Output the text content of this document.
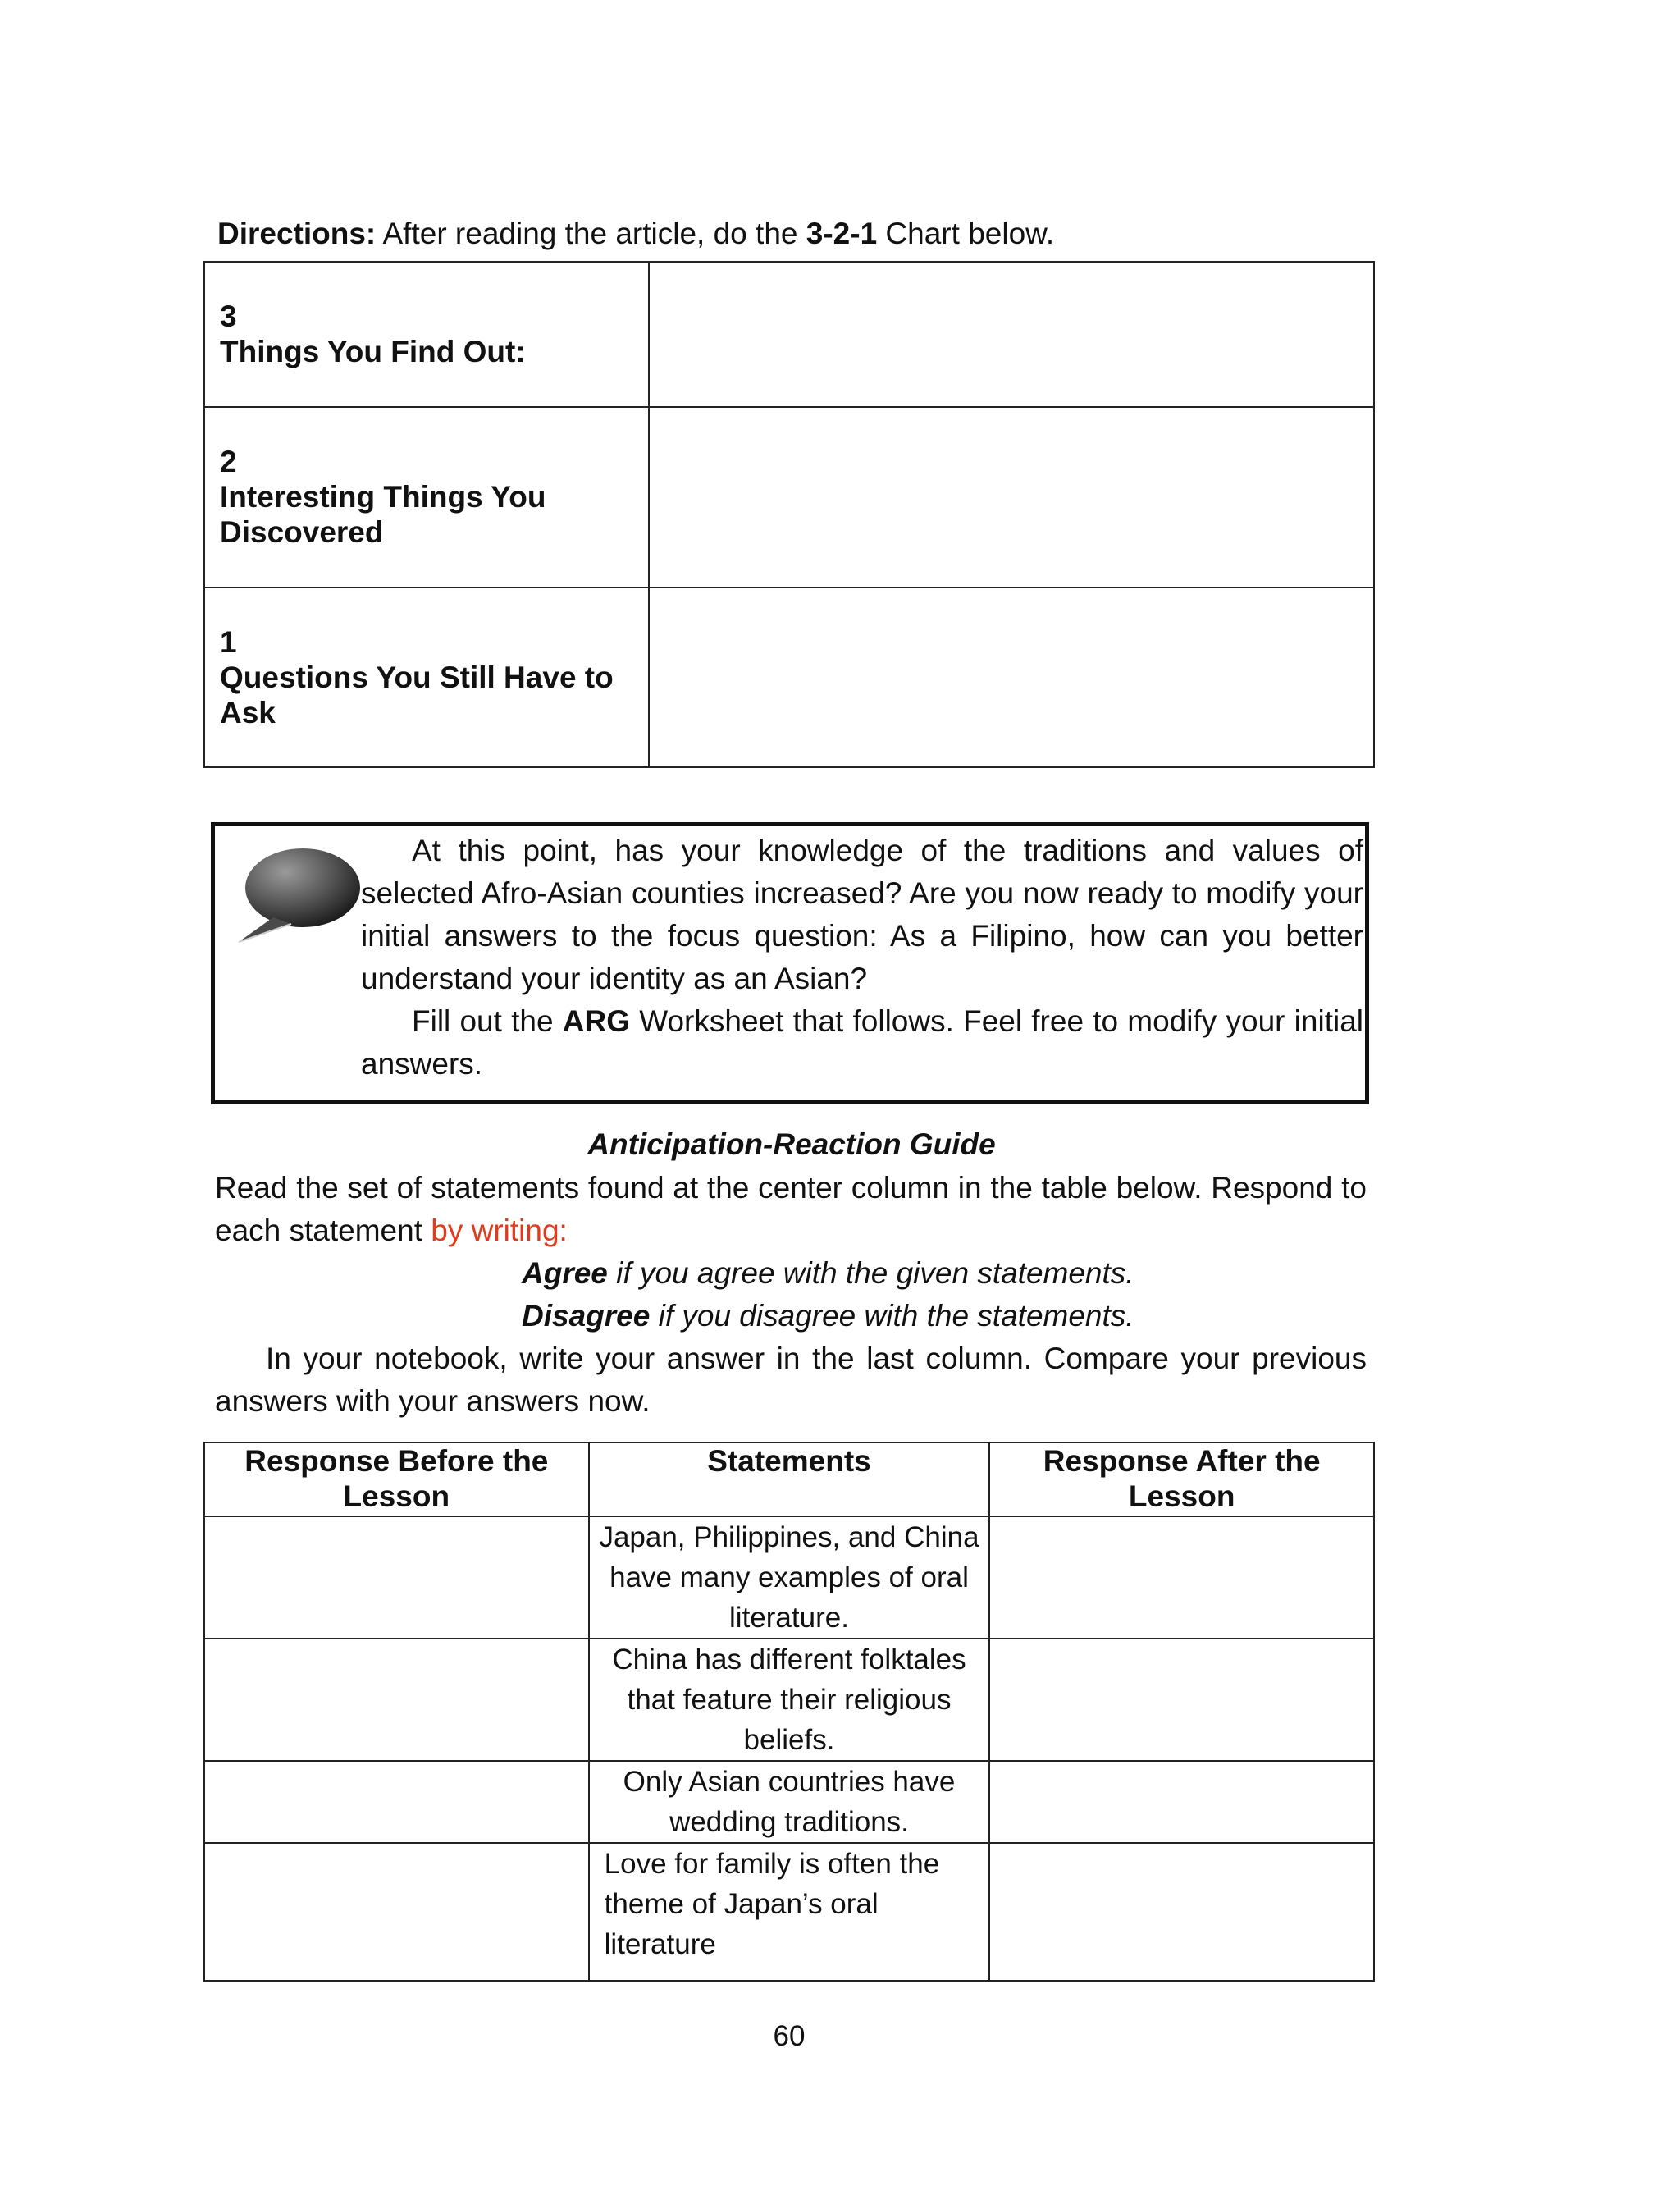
Directions: After reading the article, do the 3-2-1 Chart below.
3
Things You Find Out:	

2
Interesting Things You Discovered	

1
Questions You Still Have to Ask	

At this point, has your knowledge of the traditions and values of selected Afro-Asian counties increased? Are you now ready to modify your initial answers to the focus question: As a Filipino, how can you better understand your identity as an Asian?

Fill out the ARG Worksheet that follows. Feel free to modify your initial answers.

Anticipation-Reaction Guide

Read the set of statements found at the center column in the table below. Respond to each statement by writing:

Agree if you agree with the given statements.
Disagree if you disagree with the statements.

In your notebook, write your answer in the last column. Compare your previous answers with your answers now.

Response Before the Lesson	Statements	Response After the Lesson
	Japan, Philippines, and China have many examples of oral literature.	
	China has different folktales that feature their religious beliefs.	
	Only Asian countries have wedding traditions.	
	Love for family is often the theme of Japan’s oral literature	
60
